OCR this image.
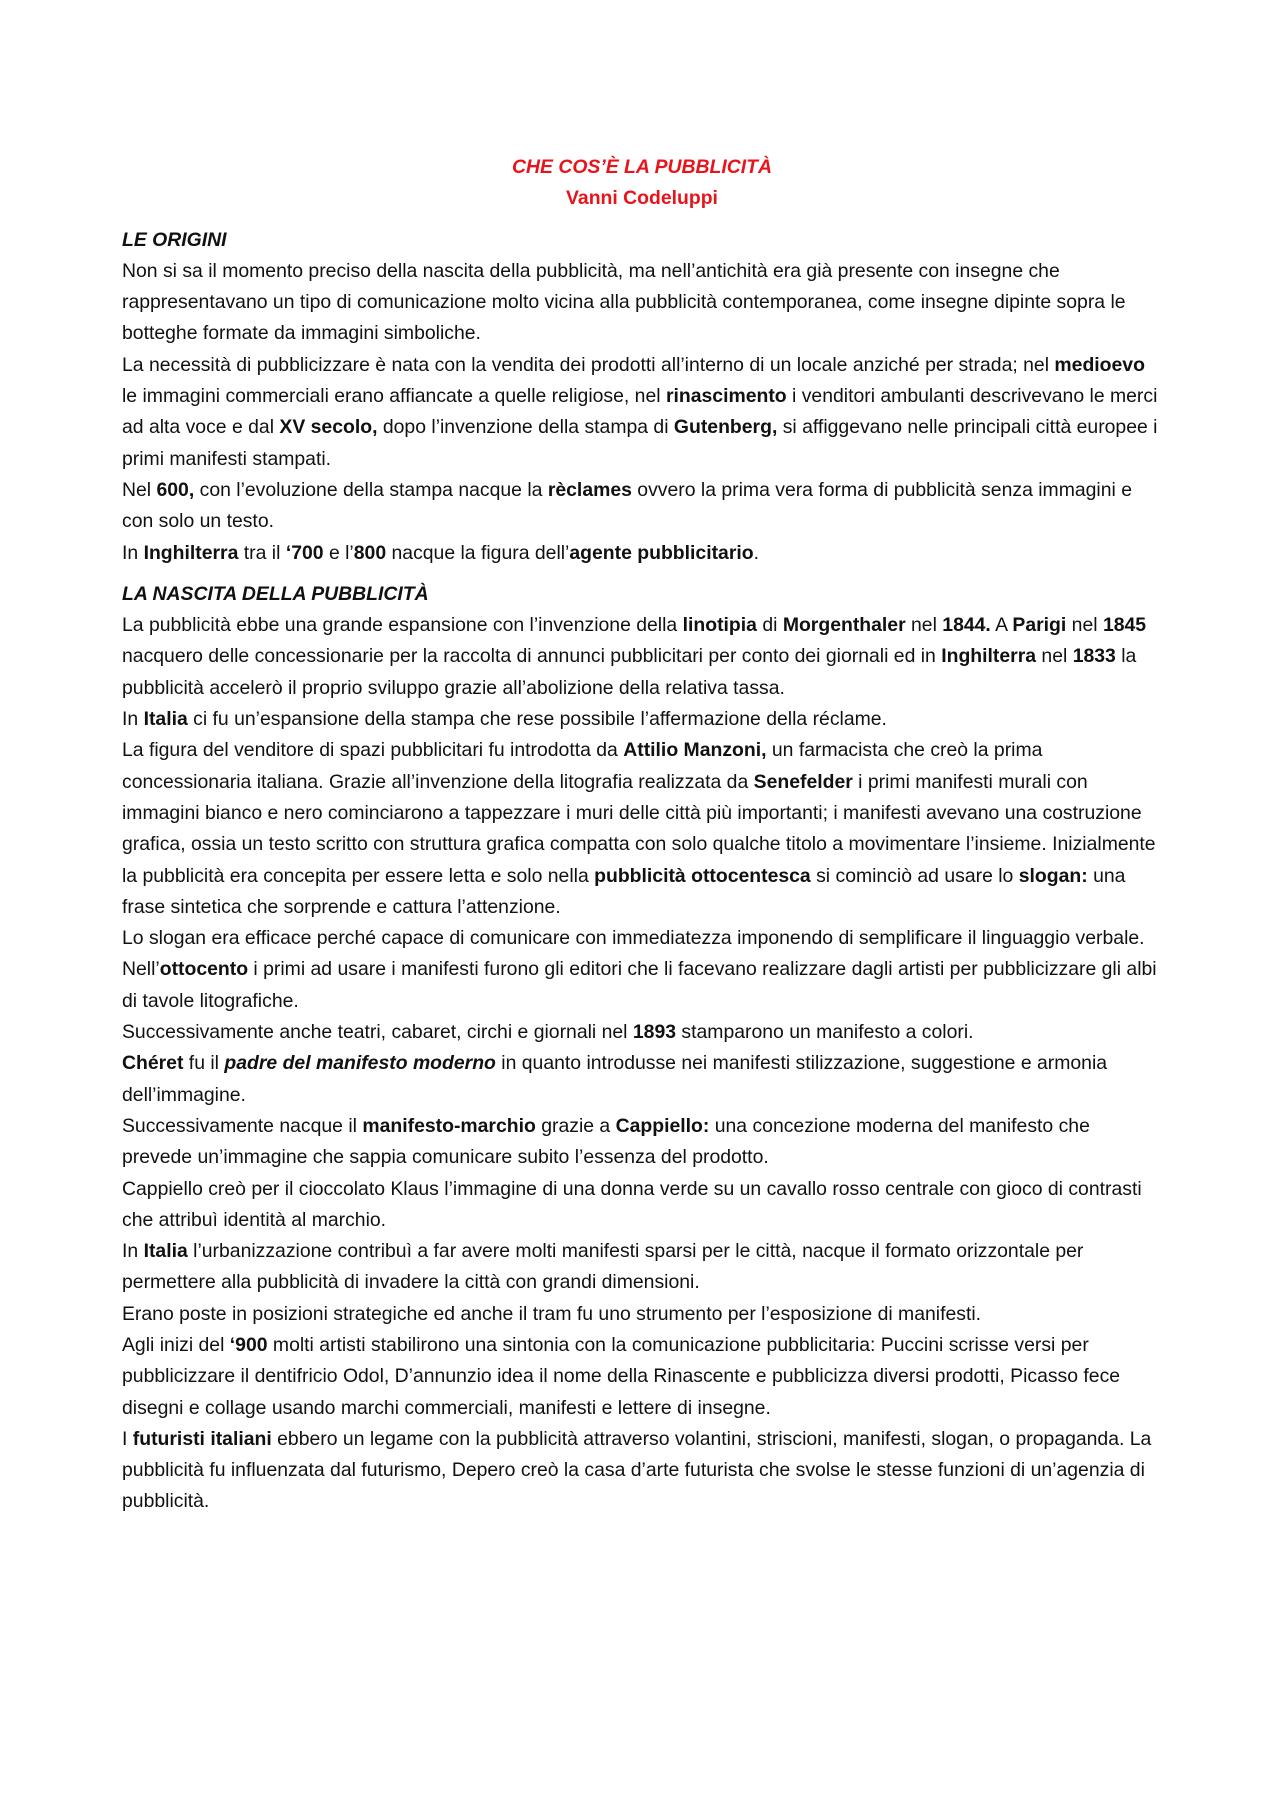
CHE COS’È LA PUBBLICITÀ
Vanni Codeluppi
LE ORIGINI

Non si sa il momento preciso della nascita della pubblicità, ma nell’antichità era già presente con insegne che rappresentavano un tipo di comunicazione molto vicina alla pubblicità contemporanea, come insegne dipinte sopra le botteghe formate da immagini simboliche.

La necessità di pubblicizzare è nata con la vendita dei prodotti all’interno di un locale anziché per strada; nel medioevo le immagini commerciali erano affiancate a quelle religiose, nel rinascimento i venditori ambulanti descrivevano le merci ad alta voce e dal XV secolo, dopo l’invenzione della stampa di Gutenberg, si affiggevano nelle principali città europee i primi manifesti stampati.

Nel 600, con l’evoluzione della stampa nacque la rèclames ovvero la prima vera forma di pubblicità senza immagini e con solo un testo.

In Inghilterra tra il ‘700 e l’800 nacque la figura dell’agente pubblicitario.

LA NASCITA DELLA PUBBLICITÀ

La pubblicità ebbe una grande espansione con l’invenzione della linotipia di Morgenthaler nel 1844. A Parigi nel 1845 nacquero delle concessionarie per la raccolta di annunci pubblicitari per conto dei giornali ed in Inghilterra nel 1833 la pubblicità accelerò il proprio sviluppo grazie all’abolizione della relativa tassa.

In Italia ci fu un’espansione della stampa che rese possibile l’affermazione della réclame.

La figura del venditore di spazi pubblicitari fu introdotta da Attilio Manzoni, un farmacista che creò la prima concessionaria italiana. Grazie all’invenzione della litografia realizzata da Senefelder i primi manifesti murali con immagini bianco e nero cominciarono a tappezzare i muri delle città più importanti; i manifesti avevano una costruzione grafica, ossia un testo scritto con struttura grafica compatta con solo qualche titolo a movimentare l’insieme. Inizialmente la pubblicità era concepita per essere letta e solo nella pubblicità ottocentesca si cominciò ad usare lo slogan: una frase sintetica che sorprende e cattura l’attenzione.

Lo slogan era efficace perché capace di comunicare con immediatezza imponendo di semplificare il linguaggio verbale. Nell’ottocento i primi ad usare i manifesti furono gli editori che li facevano realizzare dagli artisti per pubblicizzare gli albi di tavole litografiche.

Successivamente anche teatri, cabaret, circhi e giornali nel 1893 stamparono un manifesto a colori.

Chéret fu il padre del manifesto moderno in quanto introdusse nei manifesti stilizzazione, suggestione e armonia dell’immagine.

Successivamente nacque il manifesto-marchio grazie a Cappiello: una concezione moderna del manifesto che prevede un’immagine che sappia comunicare subito l’essenza del prodotto.

Cappiello creò per il cioccolato Klaus l’immagine di una donna verde su un cavallo rosso centrale con gioco di contrasti che attribuì identità al marchio.

In Italia l’urbanizzazione contribuì a far avere molti manifesti sparsi per le città, nacque il formato orizzontale per permettere alla pubblicità di invadere la città con grandi dimensioni.

Erano poste in posizioni strategiche ed anche il tram fu uno strumento per l’esposizione di manifesti.

Agli inizi del ‘900 molti artisti stabilirono una sintonia con la comunicazione pubblicitaria: Puccini scrisse versi per pubblicizzare il dentifricio Odol, D’annunzio idea il nome della Rinascente e pubblicizza diversi prodotti, Picasso fece disegni e collage usando marchi commerciali, manifesti e lettere di insegne.

I futuristi italiani ebbero un legame con la pubblicità attraverso volantini, striscioni, manifesti, slogan, o propaganda. La pubblicità fu influenzata dal futurismo, Depero creò la casa d’arte futurista che svolse le stesse funzioni di un’agenzia di pubblicità.
